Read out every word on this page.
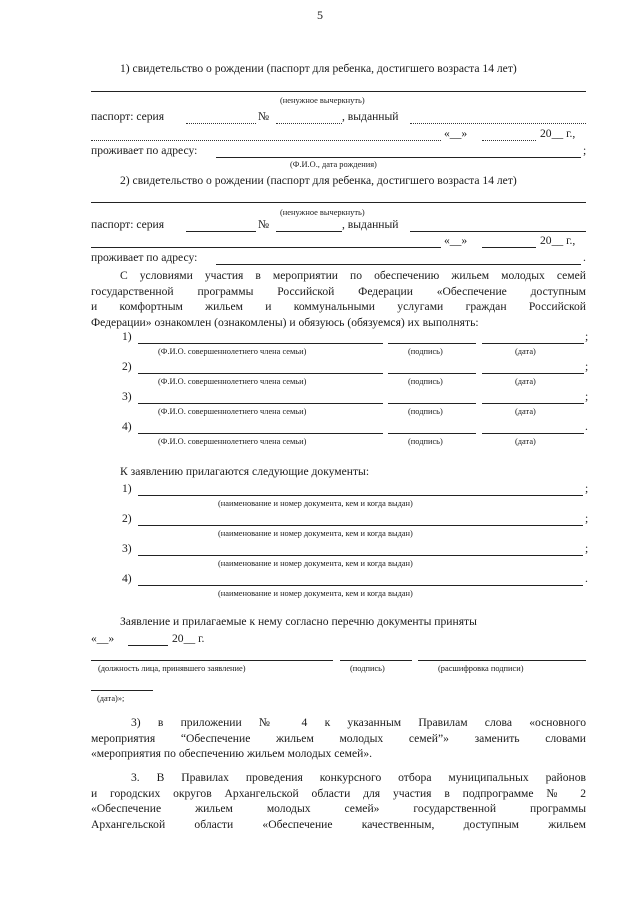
5
1) свидетельство о рождении (паспорт для ребенка, достигшего возраста 14 лет)
(ненужное вычеркнуть)
паспорт: серия	№	, выданный
«__»	20__ г.,
проживает по адресу:	;
(Ф.И.О., дата рождения)
2) свидетельство о рождении (паспорт для ребенка, достигшего возраста 14 лет)
(ненужное вычеркнуть)
паспорт: серия	№	, выданный
«__»	20__ г.,
проживает по адресу:	.
С условиями участия в мероприятии по обеспечению жильем молодых семей
государственной программы Российской Федерации «Обеспечение доступным
и комфортным жильем и коммунальными услугами граждан Российской
Федерации» ознакомлен (ознакомлены) и обязуюсь (обязуемся) их выполнять:
1)	;
(Ф.И.О. совершеннолетнего члена семьи)	(подпись)	(дата)
2)	;
(Ф.И.О. совершеннолетнего члена семьи)	(подпись)	(дата)
3)	;
(Ф.И.О. совершеннолетнего члена семьи)	(подпись)	(дата)
4)	.
(Ф.И.О. совершеннолетнего члена семьи)	(подпись)	(дата)
К заявлению прилагаются следующие документы:
1)	;
(наименование и номер документа, кем и когда выдан)
2)	;
(наименование и номер документа, кем и когда выдан)
3)	;
(наименование и номер документа, кем и когда выдан)
4)	.
(наименование и номер документа, кем и когда выдан)
Заявление и прилагаемые к нему согласно перечню документы приняты
«__»	20__ г.
(должность лица, принявшего заявление)	(подпись)	(расшифровка подписи)
(дата)»;
3) в приложении № 4 к указанным Правилам слова «основного
мероприятия “Обеспечение жильем молодых семей”» заменить словами
«мероприятия по обеспечению жильем молодых семей».
3. В Правилах проведения конкурсного отбора муниципальных районов
и городских округов Архангельской области для участия в подпрограмме № 2
«Обеспечение жильем молодых семей» государственной программы
Архангельской области «Обеспечение качественным, доступным жильем
